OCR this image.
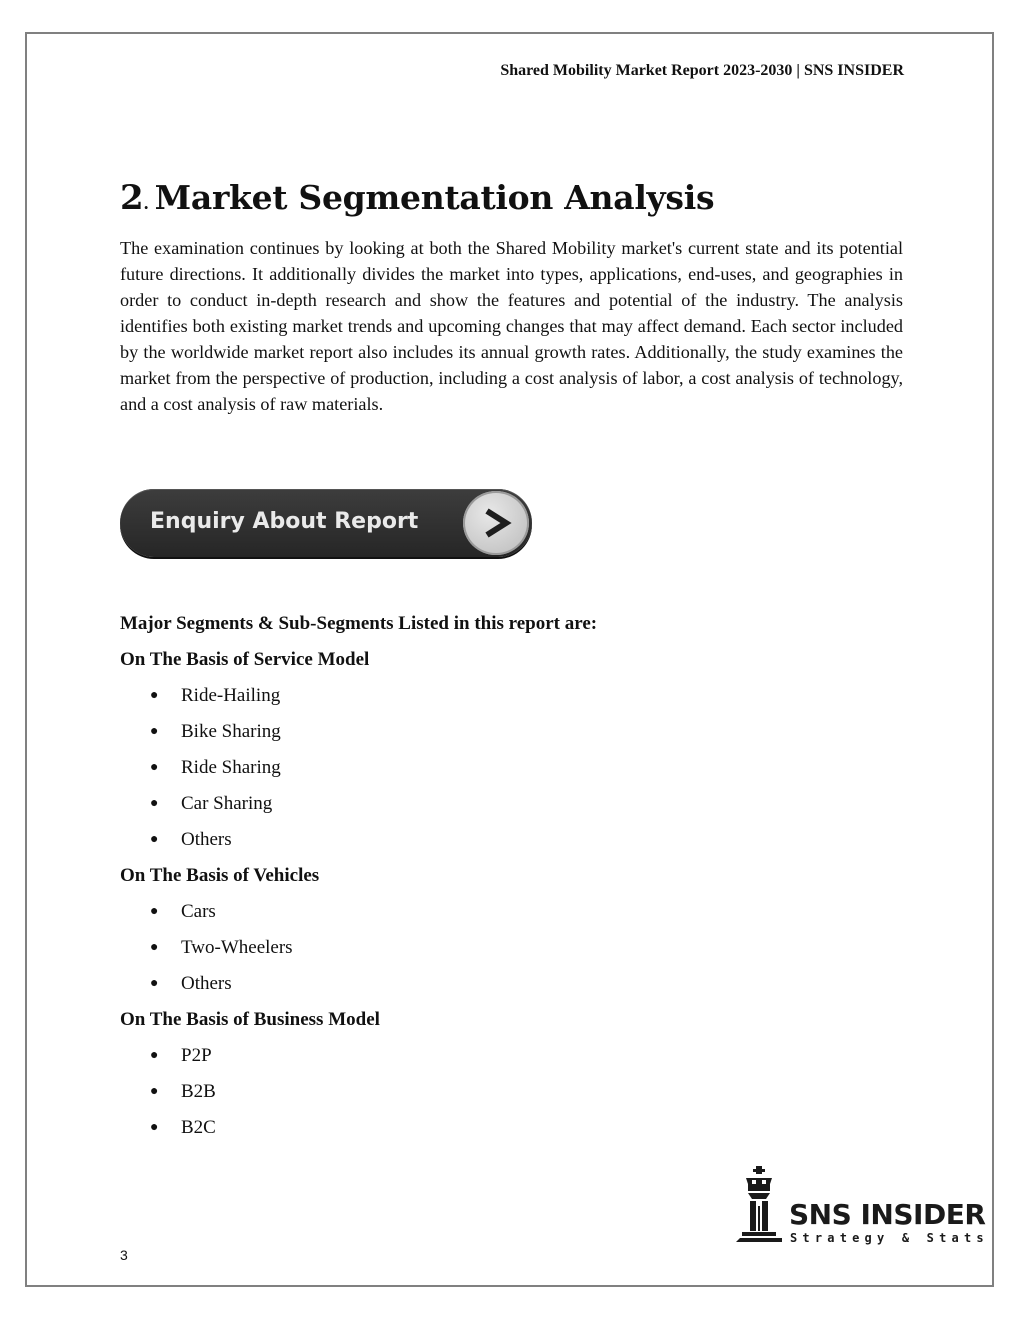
Shared Mobility Market Report 2023-2030 | SNS INSIDER
2. Market Segmentation Analysis

The examination continues by looking at both the Shared Mobility market's current state and its potential future directions. It additionally divides the market into types, applications, end-uses, and geographies in order to conduct in-depth research and show the features and potential of the industry. The analysis identifies both existing market trends and upcoming changes that may affect demand. Each sector included by the worldwide market report also includes its annual growth rates. Additionally, the study examines the market from the perspective of production, including a cost analysis of labor, a cost analysis of technology, and a cost analysis of raw materials.

Enquiry About Report

Major Segments & Sub-Segments Listed in this report are:

On The Basis of Service Model

● Ride-Hailing

● Bike Sharing

● Ride Sharing

● Car Sharing

● Others

On The Basis of Vehicles

● Cars

● Two-Wheelers

● Others

On The Basis of Business Model

● P2P

● B2B

● B2C

SNS INSIDER
Strategy & Stats
3
